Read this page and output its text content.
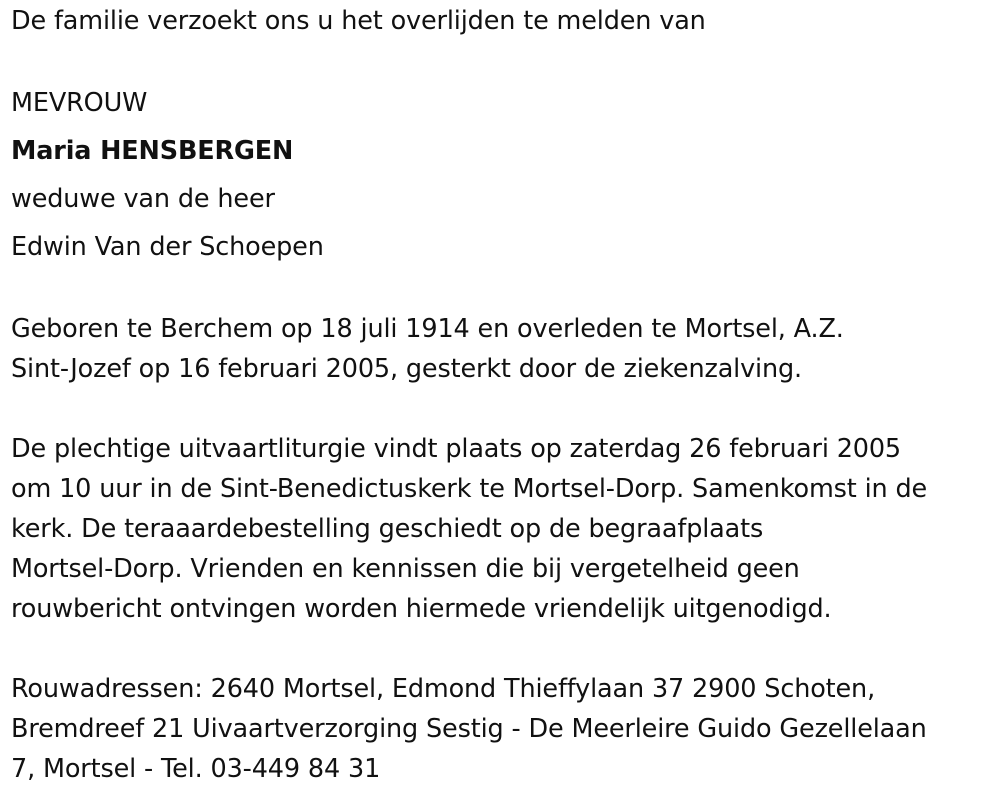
De familie verzoekt ons u het overlijden te melden van
MEVROUW
Maria HENSBERGEN
weduwe van de heer
Edwin Van der Schoepen
Geboren te Berchem op 18 juli 1914 en overleden te Mortsel, A.Z.
Sint-Jozef op 16 februari 2005, gesterkt door de ziekenzalving.
De plechtige uitvaartliturgie vindt plaats op zaterdag 26 februari 2005
om 10 uur in de Sint-Benedictuskerk te Mortsel-Dorp. Samenkomst in de
kerk. De teraaardebestelling geschiedt op de begraafplaats
Mortsel-Dorp. Vrienden en kennissen die bij vergetelheid geen
rouwbericht ontvingen worden hiermede vriendelijk uitgenodigd.
Rouwadressen: 2640 Mortsel, Edmond Thieffylaan 37 2900 Schoten,
Bremdreef 21 Uivaartverzorging Sestig - De Meerleire Guido Gezellelaan
7, Mortsel - Tel. 03-449 84 31
